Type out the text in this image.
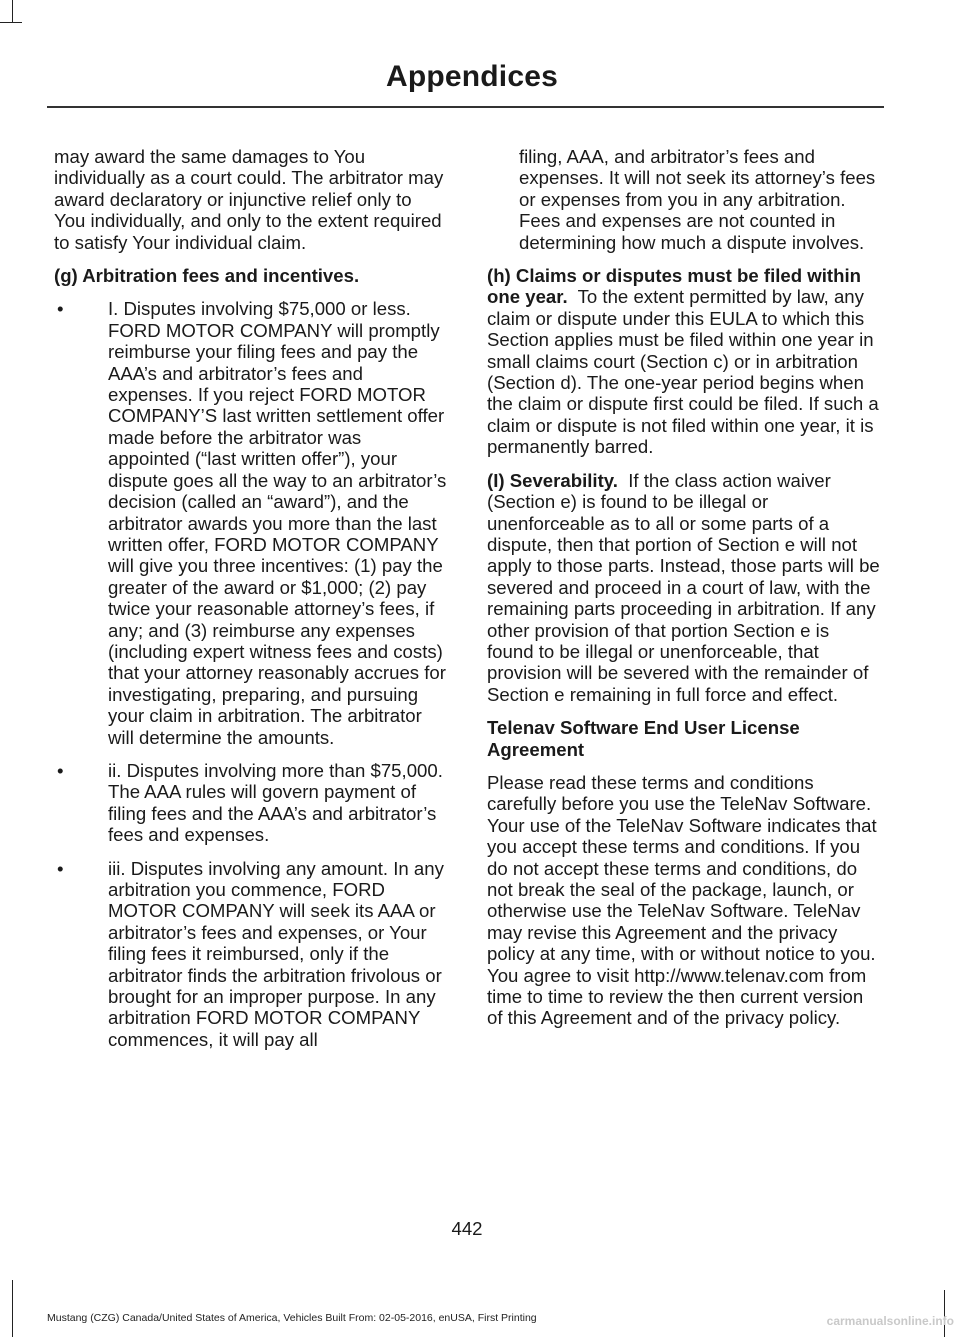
Appendices

may award the same damages to You individually as a court could. The arbitrator may award declaratory or injunctive relief only to You individually, and only to the extent required to satisfy Your individual claim.

(g) Arbitration fees and incentives.

• I. Disputes involving $75,000 or less. FORD MOTOR COMPANY will promptly reimburse your filing fees and pay the AAA’s and arbitrator’s fees and expenses. If you reject FORD MOTOR COMPANY’S last written settlement offer made before the arbitrator was appointed (“last written offer”), your dispute goes all the way to an arbitrator’s decision (called an “award”), and the arbitrator awards you more than the last written offer, FORD MOTOR COMPANY will give you three incentives: (1) pay the greater of the award or $1,000; (2) pay twice your reasonable attorney’s fees, if any; and (3) reimburse any expenses (including expert witness fees and costs) that your attorney reasonably accrues for investigating, preparing, and pursuing your claim in arbitration. The arbitrator will determine the amounts.
• ii. Disputes involving more than $75,000. The AAA rules will govern payment of filing fees and the AAA’s and arbitrator’s fees and expenses.
• iii. Disputes involving any amount. In any arbitration you commence, FORD MOTOR COMPANY will seek its AAA or arbitrator’s fees and expenses, or Your filing fees it reimbursed, only if the arbitrator finds the arbitration frivolous or brought for an improper purpose. In any arbitration FORD MOTOR COMPANY commences, it will pay all

filing, AAA, and arbitrator’s fees and expenses. It will not seek its attorney’s fees or expenses from you in any arbitration. Fees and expenses are not counted in determining how much a dispute involves.

(h) Claims or disputes must be filed within one year. To the extent permitted by law, any claim or dispute under this EULA to which this Section applies must be filed within one year in small claims court (Section c) or in arbitration (Section d). The one-year period begins when the claim or dispute first could be filed. If such a claim or dispute is not filed within one year, it is permanently barred.

(I) Severability. If the class action waiver (Section e) is found to be illegal or unenforceable as to all or some parts of a dispute, then that portion of Section e will not apply to those parts. Instead, those parts will be severed and proceed in a court of law, with the remaining parts proceeding in arbitration. If any other provision of that portion Section e is found to be illegal or unenforceable, that provision will be severed with the remainder of Section e remaining in full force and effect.

Telenav Software End User License Agreement

Please read these terms and conditions carefully before you use the TeleNav Software. Your use of the TeleNav Software indicates that you accept these terms and conditions. If you do not accept these terms and conditions, do not break the seal of the package, launch, or otherwise use the TeleNav Software. TeleNav may revise this Agreement and the privacy policy at any time, with or without notice to you. You agree to visit http://www.telenav.com from time to time to review the then current version of this Agreement and of the privacy policy.

442
Mustang (CZG) Canada/United States of America, Vehicles Built From: 02-05-2016, enUSA, First Printing	carmanualsonline.info
